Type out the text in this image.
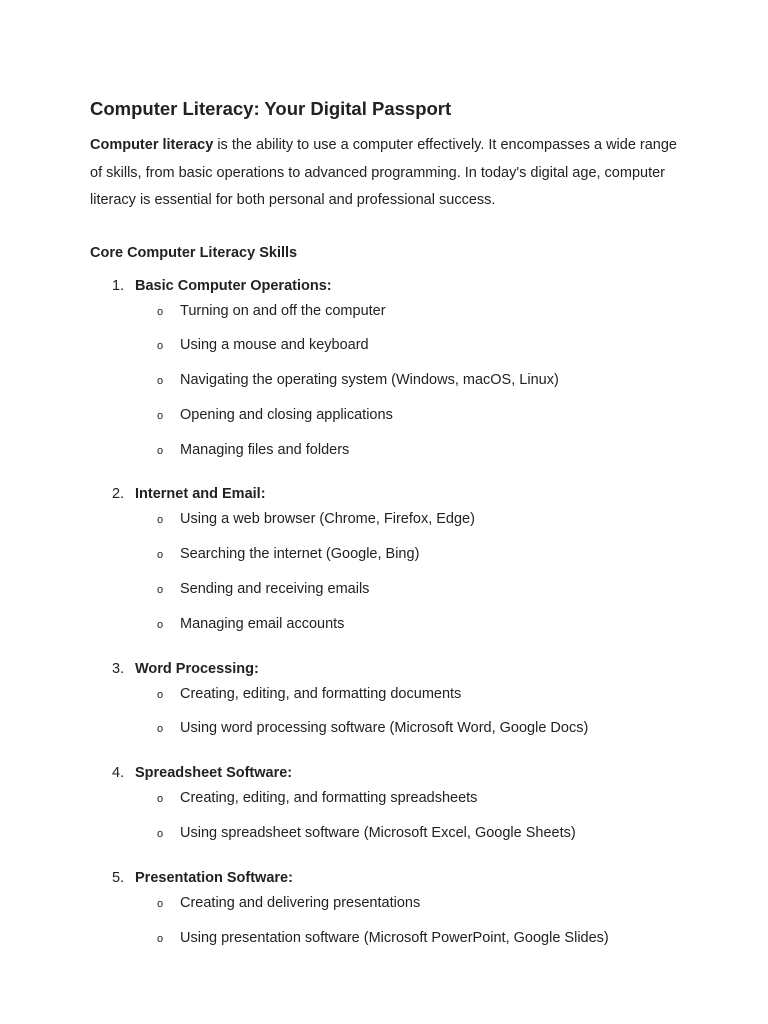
Computer Literacy: Your Digital Passport

Computer literacy is the ability to use a computer effectively. It encompasses a wide range of skills, from basic operations to advanced programming. In today's digital age, computer literacy is essential for both personal and professional success.

Core Computer Literacy Skills
1. Basic Computer Operations:
o Turning on and off the computer
o Using a mouse and keyboard
o Navigating the operating system (Windows, macOS, Linux)
o Opening and closing applications
o Managing files and folders
2. Internet and Email:
o Using a web browser (Chrome, Firefox, Edge)
o Searching the internet (Google, Bing)
o Sending and receiving emails
o Managing email accounts
3. Word Processing:
o Creating, editing, and formatting documents
o Using word processing software (Microsoft Word, Google Docs)
4. Spreadsheet Software:
o Creating, editing, and formatting spreadsheets
o Using spreadsheet software (Microsoft Excel, Google Sheets)
5. Presentation Software:
o Creating and delivering presentations
o Using presentation software (Microsoft PowerPoint, Google Slides)
